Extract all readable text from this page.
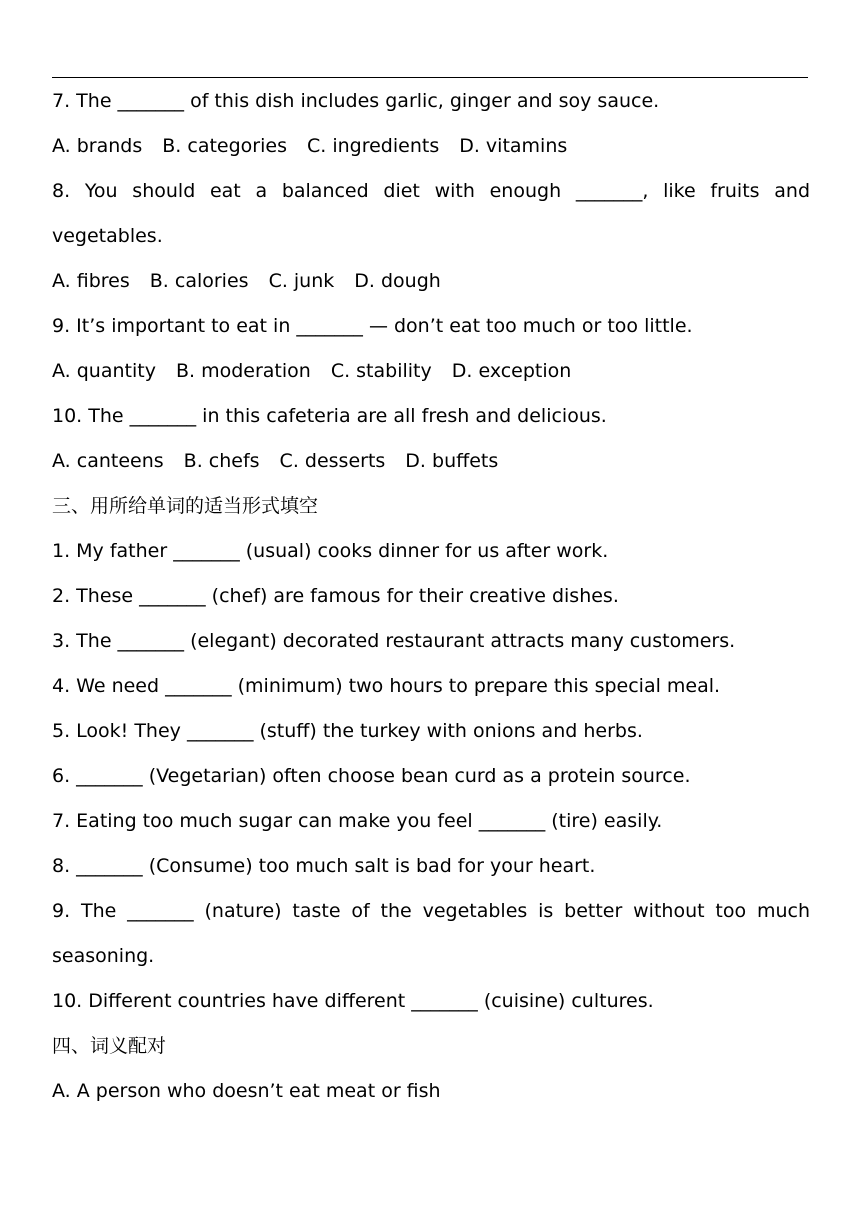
7. The _______ of this dish includes garlic, ginger and soy sauce.
A. brands B. categories C. ingredients D. vitamins
8. You should eat a balanced diet with enough _______, like fruits and
vegetables.
A. fibres B. calories C. junk D. dough
9. It’s important to eat in _______ — don’t eat too much or too little.
A. quantity B. moderation C. stability D. exception
10. The _______ in this cafeteria are all fresh and delicious.
A. canteens B. chefs C. desserts D. buffets
三、用所给单词的适当形式填空
1. My father _______ (usual) cooks dinner for us after work.
2. These _______ (chef) are famous for their creative dishes.
3. The _______ (elegant) decorated restaurant attracts many customers.
4. We need _______ (minimum) two hours to prepare this special meal.
5. Look! They _______ (stuff) the turkey with onions and herbs.
6. _______ (Vegetarian) often choose bean curd as a protein source.
7. Eating too much sugar can make you feel _______ (tire) easily.
8. _______ (Consume) too much salt is bad for your heart.
9. The _______ (nature) taste of the vegetables is better without too much
seasoning.
10. Different countries have different _______ (cuisine) cultures.
四、词义配对
A. A person who doesn’t eat meat or fish
